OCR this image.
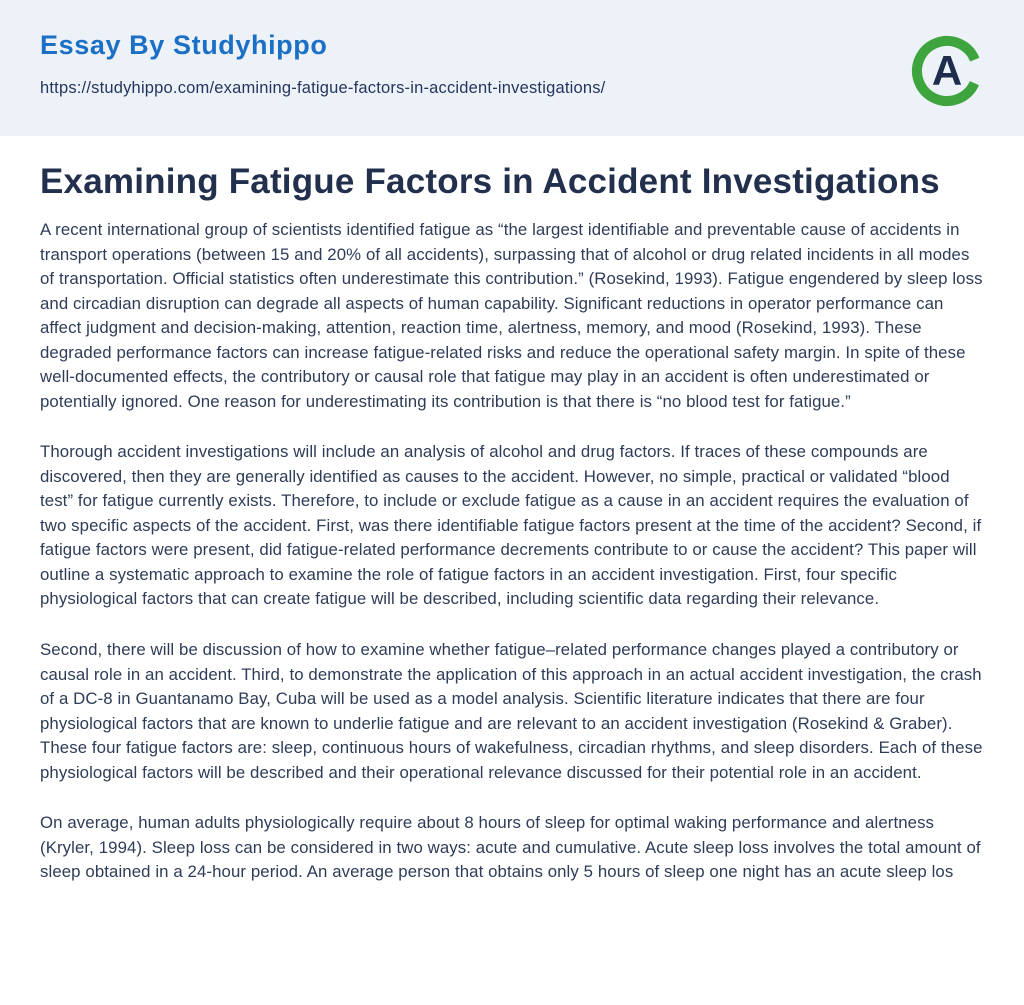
Essay By Studyhippo
https://studyhippo.com/examining-fatigue-factors-in-accident-investigations/	A
Examining Fatigue Factors in Accident Investigations

A recent international group of scientists identified fatigue as “the largest identifiable and preventable cause of accidents in transport operations (between 15 and 20% of all accidents), surpassing that of alcohol or drug related incidents in all modes of transportation. Official statistics often underestimate this contribution.” (Rosekind, 1993). Fatigue engendered by sleep loss and circadian disruption can degrade all aspects of human capability. Significant reductions in operator performance can affect judgment and decision-making, attention, reaction time, alertness, memory, and mood (Rosekind, 1993). These degraded performance factors can increase fatigue-related risks and reduce the operational safety margin. In spite of these well-documented effects, the contributory or causal role that fatigue may play in an accident is often underestimated or potentially ignored. One reason for underestimating its contribution is that there is “no blood test for fatigue.”

Thorough accident investigations will include an analysis of alcohol and drug factors. If traces of these compounds are discovered, then they are generally identified as causes to the accident. However, no simple, practical or validated “blood test” for fatigue currently exists. Therefore, to include or exclude fatigue as a cause in an accident requires the evaluation of two specific aspects of the accident. First, was there identifiable fatigue factors present at the time of the accident? Second, if fatigue factors were present, did fatigue-related performance decrements contribute to or cause the accident? This paper will outline a systematic approach to examine the role of fatigue factors in an accident investigation. First, four specific physiological factors that can create fatigue will be described, including scientific data regarding their relevance.

Second, there will be discussion of how to examine whether fatigue–related performance changes played a contributory or causal role in an accident. Third, to demonstrate the application of this approach in an actual accident investigation, the crash of a DC-8 in Guantanamo Bay, Cuba will be used as a model analysis. Scientific literature indicates that there are four physiological factors that are known to underlie fatigue and are relevant to an accident investigation (Rosekind & Graber). These four fatigue factors are: sleep, continuous hours of wakefulness, circadian rhythms, and sleep disorders. Each of these physiological factors will be described and their operational relevance discussed for their potential role in an accident.

On average, human adults physiologically require about 8 hours of sleep for optimal waking performance and alertness (Kryler, 1994). Sleep loss can be considered in two ways: acute and cumulative. Acute sleep loss involves the total amount of sleep obtained in a 24-hour period. An average person that obtains only 5 hours of sleep one night has an acute sleep los
